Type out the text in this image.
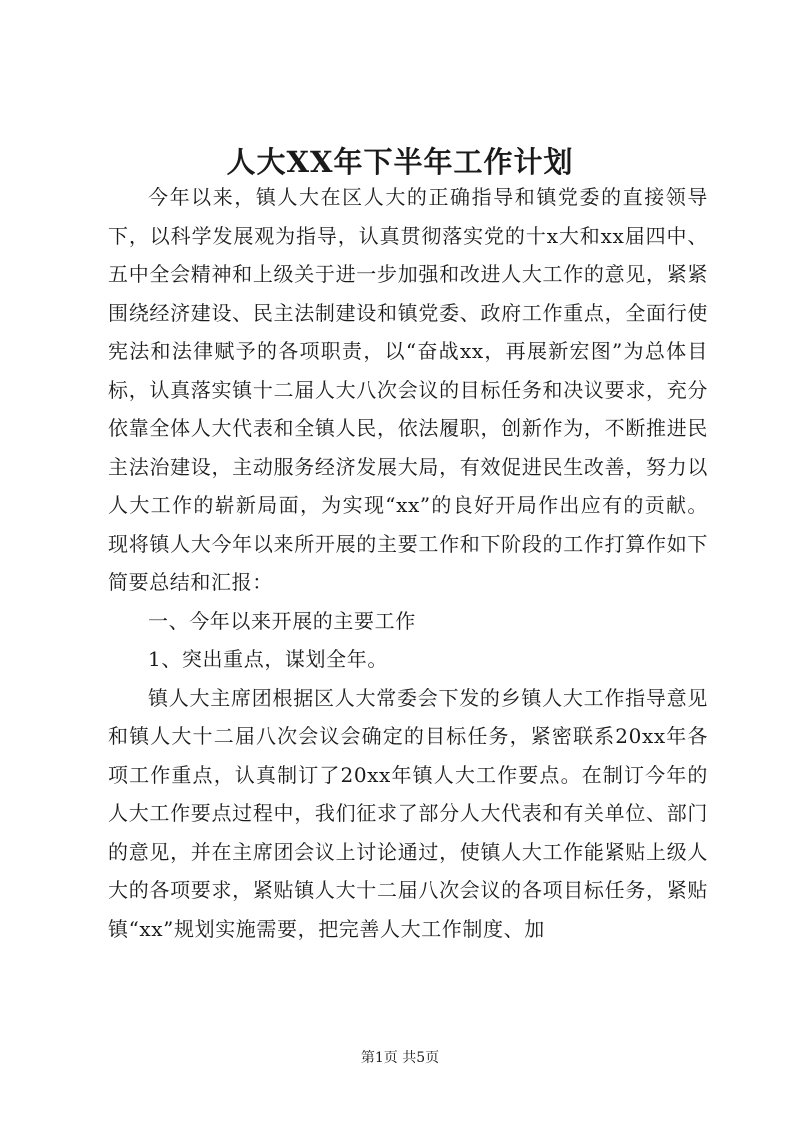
人大XX年下半年工作计划

今年以来，镇人大在区人大的正确指导和镇党委的直接领导下，以科学发展观为指导，认真贯彻落实党的十x大和xx届四中、五中全会精神和上级关于进一步加强和改进人大工作的意见，紧紧围绕经济建设、民主法制建设和镇党委、政府工作重点，全面行使宪法和法律赋予的各项职责，以“奋战xx，再展新宏图”为总体目标，认真落实镇十二届人大八次会议的目标任务和决议要求，充分依靠全体人大代表和全镇人民，依法履职，创新作为，不断推进民主法治建设，主动服务经济发展大局，有效促进民生改善，努力以人大工作的崭新局面，为实现“xx”的良好开局作出应有的贡献。现将镇人大今年以来所开展的主要工作和下阶段的工作打算作如下简要总结和汇报：

一、今年以来开展的主要工作

1、突出重点，谋划全年。

镇人大主席团根据区人大常委会下发的乡镇人大工作指导意见和镇人大十二届八次会议会确定的目标任务，紧密联系20xx年各项工作重点，认真制订了20xx年镇人大工作要点。在制订今年的人大工作要点过程中，我们征求了部分人大代表和有关单位、部门的意见，并在主席团会议上讨论通过，使镇人大工作能紧贴上级人大的各项要求，紧贴镇人大十二届八次会议的各项目标任务，紧贴镇“xx”规划实施需要，把完善人大工作制度、加

第1页 共5页
